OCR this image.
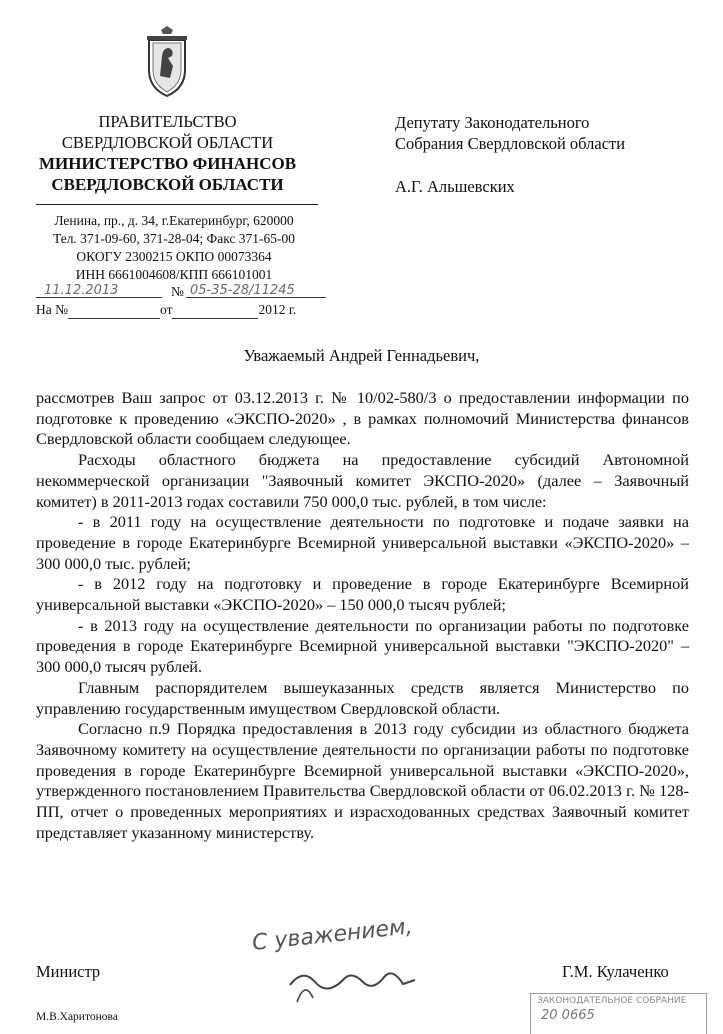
ПРАВИТЕЛЬСТВО
СВЕРДЛОВСКОЙ ОБЛАСТИ
МИНИСТЕРСТВО ФИНАНСОВ
СВЕРДЛОВСКОЙ ОБЛАСТИ
Ленина, пр., д. 34, г.Екатеринбург, 620000
Тел. 371-09-60, 371-28-04; Факс 371-65-00
ОКОГУ 2300215 ОКПО 00073364
ИНН 6661004608/КПП 666101001
11.12.2013	№ 05-35-28/11245
На №	от	2012 г.
Депутату Законодательного
Собрания Свердловской области
А.Г. Альшевских
Уважаемый Андрей Геннадьевич,

рассмотрев Ваш запрос от 03.12.2013 г. № 10/02-580/3 о предоставлении информации по подготовке к проведению «ЭКСПО-2020» , в рамках полномочий Министерства финансов Свердловской области сообщаем следующее.

Расходы областного бюджета на предоставление субсидий Автономной некоммерческой организации "Заявочный комитет ЭКСПО-2020» (далее – Заявочный комитет) в 2011-2013 годах составили 750 000,0 тыс. рублей, в том числе:

- в 2011 году на осуществление деятельности по подготовке и подаче заявки на проведение в городе Екатеринбурге Всемирной универсальной выставки «ЭКСПО-2020» – 300 000,0 тыс. рублей;

- в 2012 году на подготовку и проведение в городе Екатеринбурге Всемирной универсальной выставки «ЭКСПО-2020» – 150 000,0 тысяч рублей;

- в 2013 году на осуществление деятельности по организации работы по подготовке проведения в городе Екатеринбурге Всемирной универсальной выставки "ЭКСПО-2020" – 300 000,0 тысяч рублей.

Главным распорядителем вышеуказанных средств является Министерство по управлению государственным имуществом Свердловской области.

Согласно п.9 Порядка предоставления в 2013 году субсидии из областного бюджета Заявочному комитету на осуществление деятельности по организации работы по подготовке проведения в городе Екатеринбурге Всемирной универсальной выставки «ЭКСПО-2020», утвержденного постановлением Правительства Свердловской области от 06.02.2013 г. № 128-ПП, отчет о проведенных мероприятиях и израсходованных средствах Заявочный комитет представляет указанному министерству.

С уважением,
Министр	Г.М. Кулаченко
М.В.Харитонова
ЗАКОНОДАТЕЛЬНОЕ СОБРАНИЕ
20 0665
